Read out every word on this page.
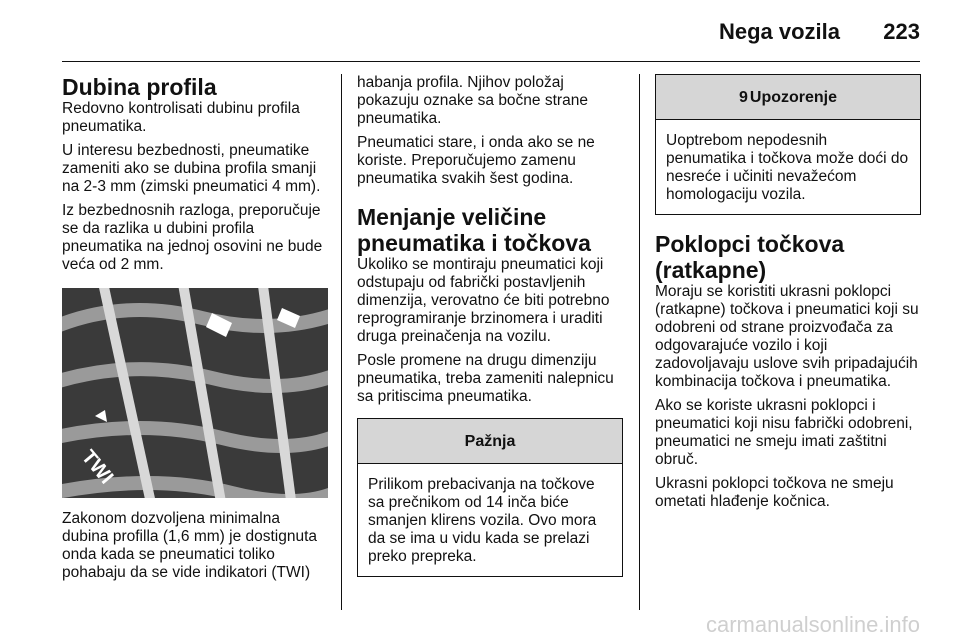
Nega vozila 223
Dubina profila

Redovno kontrolisati dubinu profila pneumatika.

U interesu bezbednosti, pneumatike zameniti ako se dubina profila smanji na 2-3 mm (zimski pneumatici 4 mm).

Iz bezbednosnih razloga, preporučuje se da razlika u dubini profila pneumatika na jednoj osovini ne bude veća od 2 mm.

TWI

Zakonom dozvoljena minimalna dubina profilla (1,6 mm) je dostignuta onda kada se pneumatici toliko pohabaju da se vide indikatori (TWI)

habanja profila. Njihov položaj pokazuju oznake sa bočne strane pneumatika.

Pneumatici stare, i onda ako se ne koriste. Preporučujemo zamenu pneumatika svakih šest godina.

Menjanje veličine pneumatika i točkova

Ukoliko se montiraju pneumatici koji odstupaju od fabrički postavljenih dimenzija, verovatno će biti potrebno reprogramiranje brzinomera i uraditi druga preinačenja na vozilu.

Posle promene na drugu dimenziju pneumatika, treba zameniti nalepnicu sa pritiscima pneumatika.

Pažnja
Prilikom prebacivanja na točkove sa prečnikom od 14 inča biće smanjen klirens vozila. Ovo mora da se ima u vidu kada se prelazi preko prepreka.
9 Upozorenje
Uoptrebom nepodesnih penumatika i točkova može doći do nesreće i učiniti nevažećom homologaciju vozila.
Poklopci točkova (ratkapne)

Moraju se koristiti ukrasni poklopci (ratkapne) točkova i pneumatici koji su odobreni od strane proizvođača za odgovarajuće vozilo i koji zadovoljavaju uslove svih pripadajućih kombinacija točkova i pneumatika.

Ako se koriste ukrasni poklopci i pneumatici koji nisu fabrički odobreni, pneumatici ne smeju imati zaštitni obruč.

Ukrasni poklopci točkova ne smeju ometati hlađenje kočnica.

carmanualsonline.info
